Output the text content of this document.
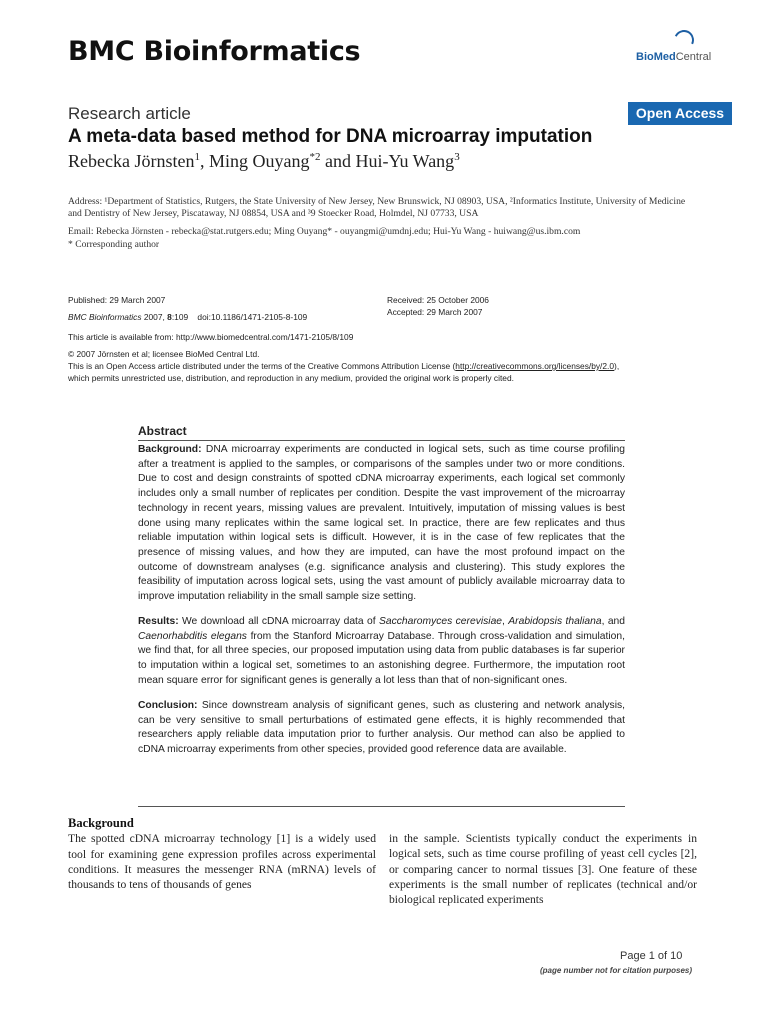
BMC Bioinformatics	BioMedCentral
Research article	Open Access
A meta-data based method for DNA microarray imputation
Rebecka Jörnsten$^1$, Ming Ouyang$^{*2}$ and Hui-Yu Wang$^3$
Address: ¹Department of Statistics, Rutgers, the State University of New Jersey, New Brunswick, NJ 08903, USA, ²Informatics Institute, University of Medicine and Dentistry of New Jersey, Piscataway, NJ 08854, USA and ³9 Stoecker Road, Holmdel, NJ 07733, USA
Email: Rebecka Jörnsten - rebecka@stat.rutgers.edu; Ming Ouyang* - ouyangmi@umdnj.edu; Hui-Yu Wang - huiwang@us.ibm.com
* Corresponding author
Published: 29 March 2007
BMC Bioinformatics 2007, 8:109    doi:10.1186/1471-2105-8-109
Received: 25 October 2006
Accepted: 29 March 2007
This article is available from: http://www.biomedcentral.com/1471-2105/8/109
© 2007 Jörnsten et al; licensee BioMed Central Ltd.
This is an Open Access article distributed under the terms of the Creative Commons Attribution License (http://creativecommons.org/licenses/by/2.0),
which permits unrestricted use, distribution, and reproduction in any medium, provided the original work is properly cited.
Abstract

Background: DNA microarray experiments are conducted in logical sets, such as time course profiling after a treatment is applied to the samples, or comparisons of the samples under two or more conditions. Due to cost and design constraints of spotted cDNA microarray experiments, each logical set commonly includes only a small number of replicates per condition. Despite the vast improvement of the microarray technology in recent years, missing values are prevalent. Intuitively, imputation of missing values is best done using many replicates within the same logical set. In practice, there are few replicates and thus reliable imputation within logical sets is difficult. However, it is in the case of few replicates that the presence of missing values, and how they are imputed, can have the most profound impact on the outcome of downstream analyses (e.g. significance analysis and clustering). This study explores the feasibility of imputation across logical sets, using the vast amount of publicly available microarray data to improve imputation reliability in the small sample size setting.

Results: We download all cDNA microarray data of Saccharomyces cerevisiae, Arabidopsis thaliana, and Caenorhabditis elegans from the Stanford Microarray Database. Through cross-validation and simulation, we find that, for all three species, our proposed imputation using data from public databases is far superior to imputation within a logical set, sometimes to an astonishing degree. Furthermore, the imputation root mean square error for significant genes is generally a lot less than that of non-significant ones.

Conclusion: Since downstream analysis of significant genes, such as clustering and network analysis, can be very sensitive to small perturbations of estimated gene effects, it is highly recommended that researchers apply reliable data imputation prior to further analysis. Our method can also be applied to cDNA microarray experiments from other species, provided good reference data are available.

Background
The spotted cDNA microarray technology [1] is a widely used tool for examining gene expression profiles across experimental conditions. It measures the messenger RNA (mRNA) levels of thousands to tens of thousands of genes
in the sample. Scientists typically conduct the experiments in logical sets, such as time course profiling of yeast cell cycles [2], or comparing cancer to normal tissues [3]. One feature of these experiments is the small number of replicates (technical and/or biological replicated experiments
Page 1 of 10
(page number not for citation purposes)
